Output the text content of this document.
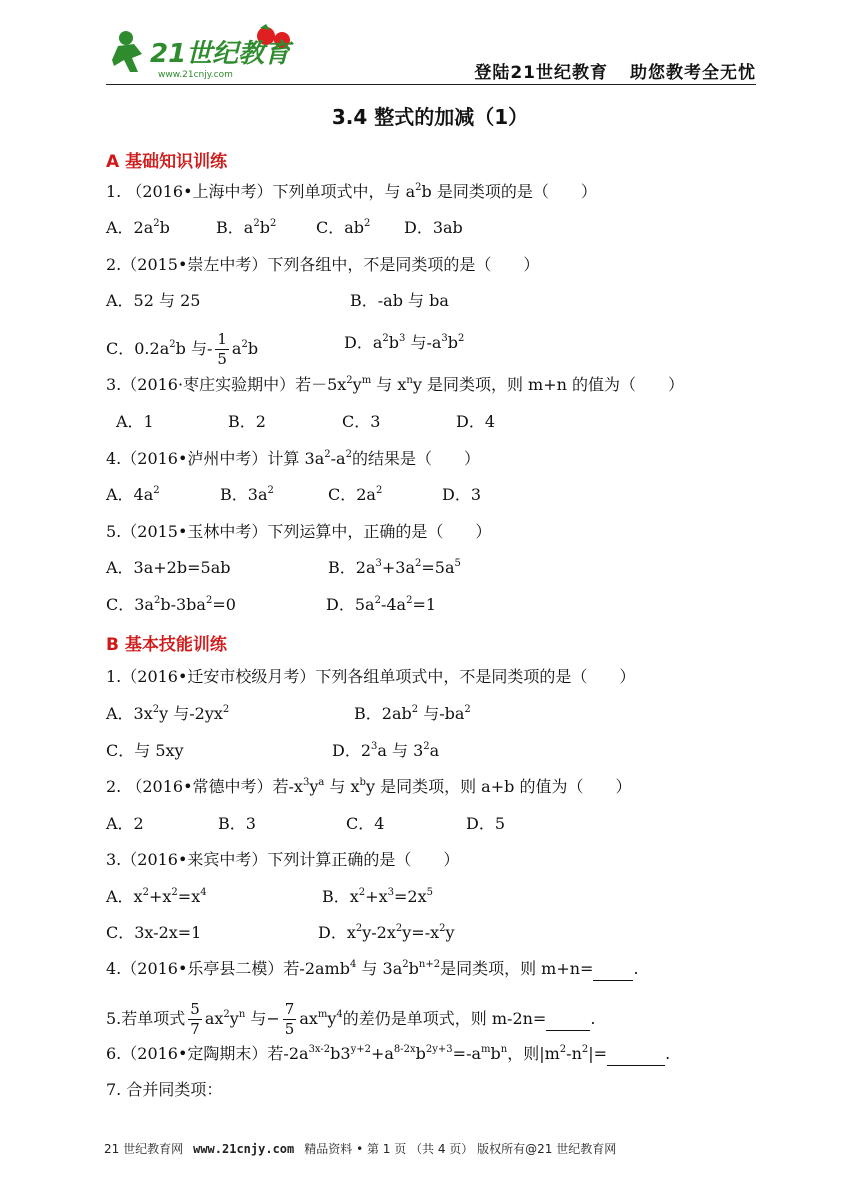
21世纪教育
www.21cnjy.com	登陆21世纪教育 助您教考全无忧
3.4 整式的加减（1）
A 基础知识训练
1. （2016•上海中考）下列单项式中，与 $a^2b$ 是同类项的是（　　）
A．$2a^2b$	B．$a^2b^2$ C．$ab^2$ D．3ab
2.（2015•崇左中考）下列各组中，不是同类项的是（　　）
A．52 与 25	B．-ab 与 ba
C．$0.2a^2b$ 与- $\frac{1}{5} a^2b$	D．$a^2b^3$ 与$-a^3b^2$
3.（2016·枣庄实验期中）若$-5x^2y^m$ 与 $x^ny$ 是同类项，则 m+n 的值为（　　）
A．1	B．2	C．3	D．4
4.（2016•泸州中考）计算 $3a^2-a^2$的结果是（　　）
A．$4a^2$	B．$3a^2$	C．$2a^2$	D．3
5.（2015•玉林中考）下列运算中，正确的是（　　）
A．3a+2b=5ab	B．$2a^3+3a^2=5a^5$
C．$3a^2b-3ba^2=0$	D．$5a^2-4a^2=1$
B 基本技能训练
1.（2016•迁安市校级月考）下列各组单项式中，不是同类项的是（　　）
A．$3x^2y$ 与$-2yx^2$	B．$2ab^2$ 与$-ba^2$
C．与 5xy	D．$2^3a$ 与 $3^2a$
2. （2016•常德中考）若$-x^3y^a$ 与 $x^by$ 是同类项，则 a+b 的值为（　　）
A．2	B．3	C．4	D．5
3.（2016•来宾中考）下列计算正确的是（　　）
A．$x^2+x^2=x^4$	B．$x^2+x^3=2x^5$
C．3x-2x=1	D．$x^2y-2x^2y=-x^2y$
4.（2016•乐亭县二模）若-2amb$^4$ 与 $3a^2b^{n+2}$是同类项，则 m+n=	.
5.若单项式 $\frac{5}{7} ax^2y^n$ 与− $\frac{7}{5} ax^my^4$的差仍是单项式，则 m-2n=	.
6.（2016•定陶期末）若$-2a^{3x-2}b3^{y+2}+a^{8-2x}b^{2y+3}=-a^mb^n$，则$|m^2-n^2|=$	.
7. 合并同类项：
21 世纪教育网 www.21cnjy.com 精品资料 • 第 1 页 （共 4 页） 版权所有@21 世纪教育网
